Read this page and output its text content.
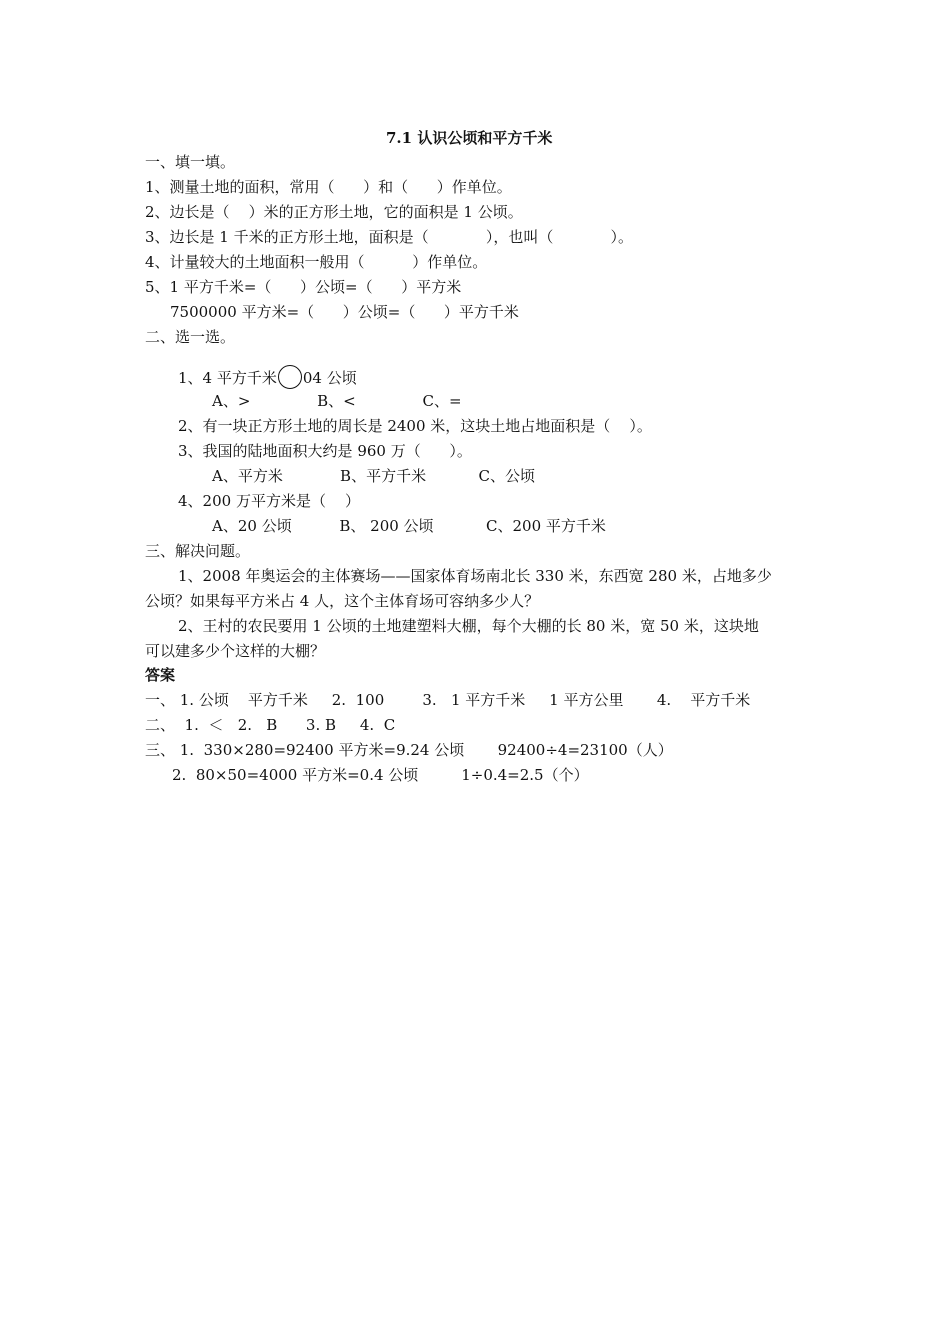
7.1 认识公顷和平方千米
一、填一填。
1、测量土地的面积，常用（      ）和（      ）作单位。
2、边长是（    ）米的正方形土地，它的面积是 1 公顷。
3、边长是 1 千米的正方形土地，面积是（            ），也叫（            ）。
4、计量较大的土地面积一般用（          ）作单位。
5、1 平方千米=（      ）公顷=（      ）平方米
7500000 平方米=（      ）公顷=（      ）平方千米
二、选一选。
1、4 平方千米 04 公顷
A、>              B、<              C、=
2、有一块正方形土地的周长是 2400 米，这块土地占地面积是（    ）。
3、我国的陆地面积大约是 960 万（      ）。
A、平方米            B、平方千米           C、公顷
4、200 万平方米是（    ）
A、20 公顷          B、 200 公顷           C、200 平方千米
三、解决问题。
1、2008 年奥运会的主体赛场——国家体育场南北长 330 米，东西宽 280 米，占地多少
公顷？如果每平方米占 4 人，这个主体育场可容纳多少人？
2、王村的农民要用 1 公顷的土地建塑料大棚，每个大棚的长 80 米，宽 50 米，这块地
可以建多少个这样的大棚？
答案
一、 1. 公顷    平方千米     2.  100        3.   1 平方千米     1 平方公里       4.    平方千米
二、  1.  ＜   2.   B      3. B     4.  C
三、 1.  330×280=92400 平方米=9.24 公顷       92400÷4=23100（人）
2.  80×50=4000 平方米=0.4 公顷         1÷0.4=2.5（个）
